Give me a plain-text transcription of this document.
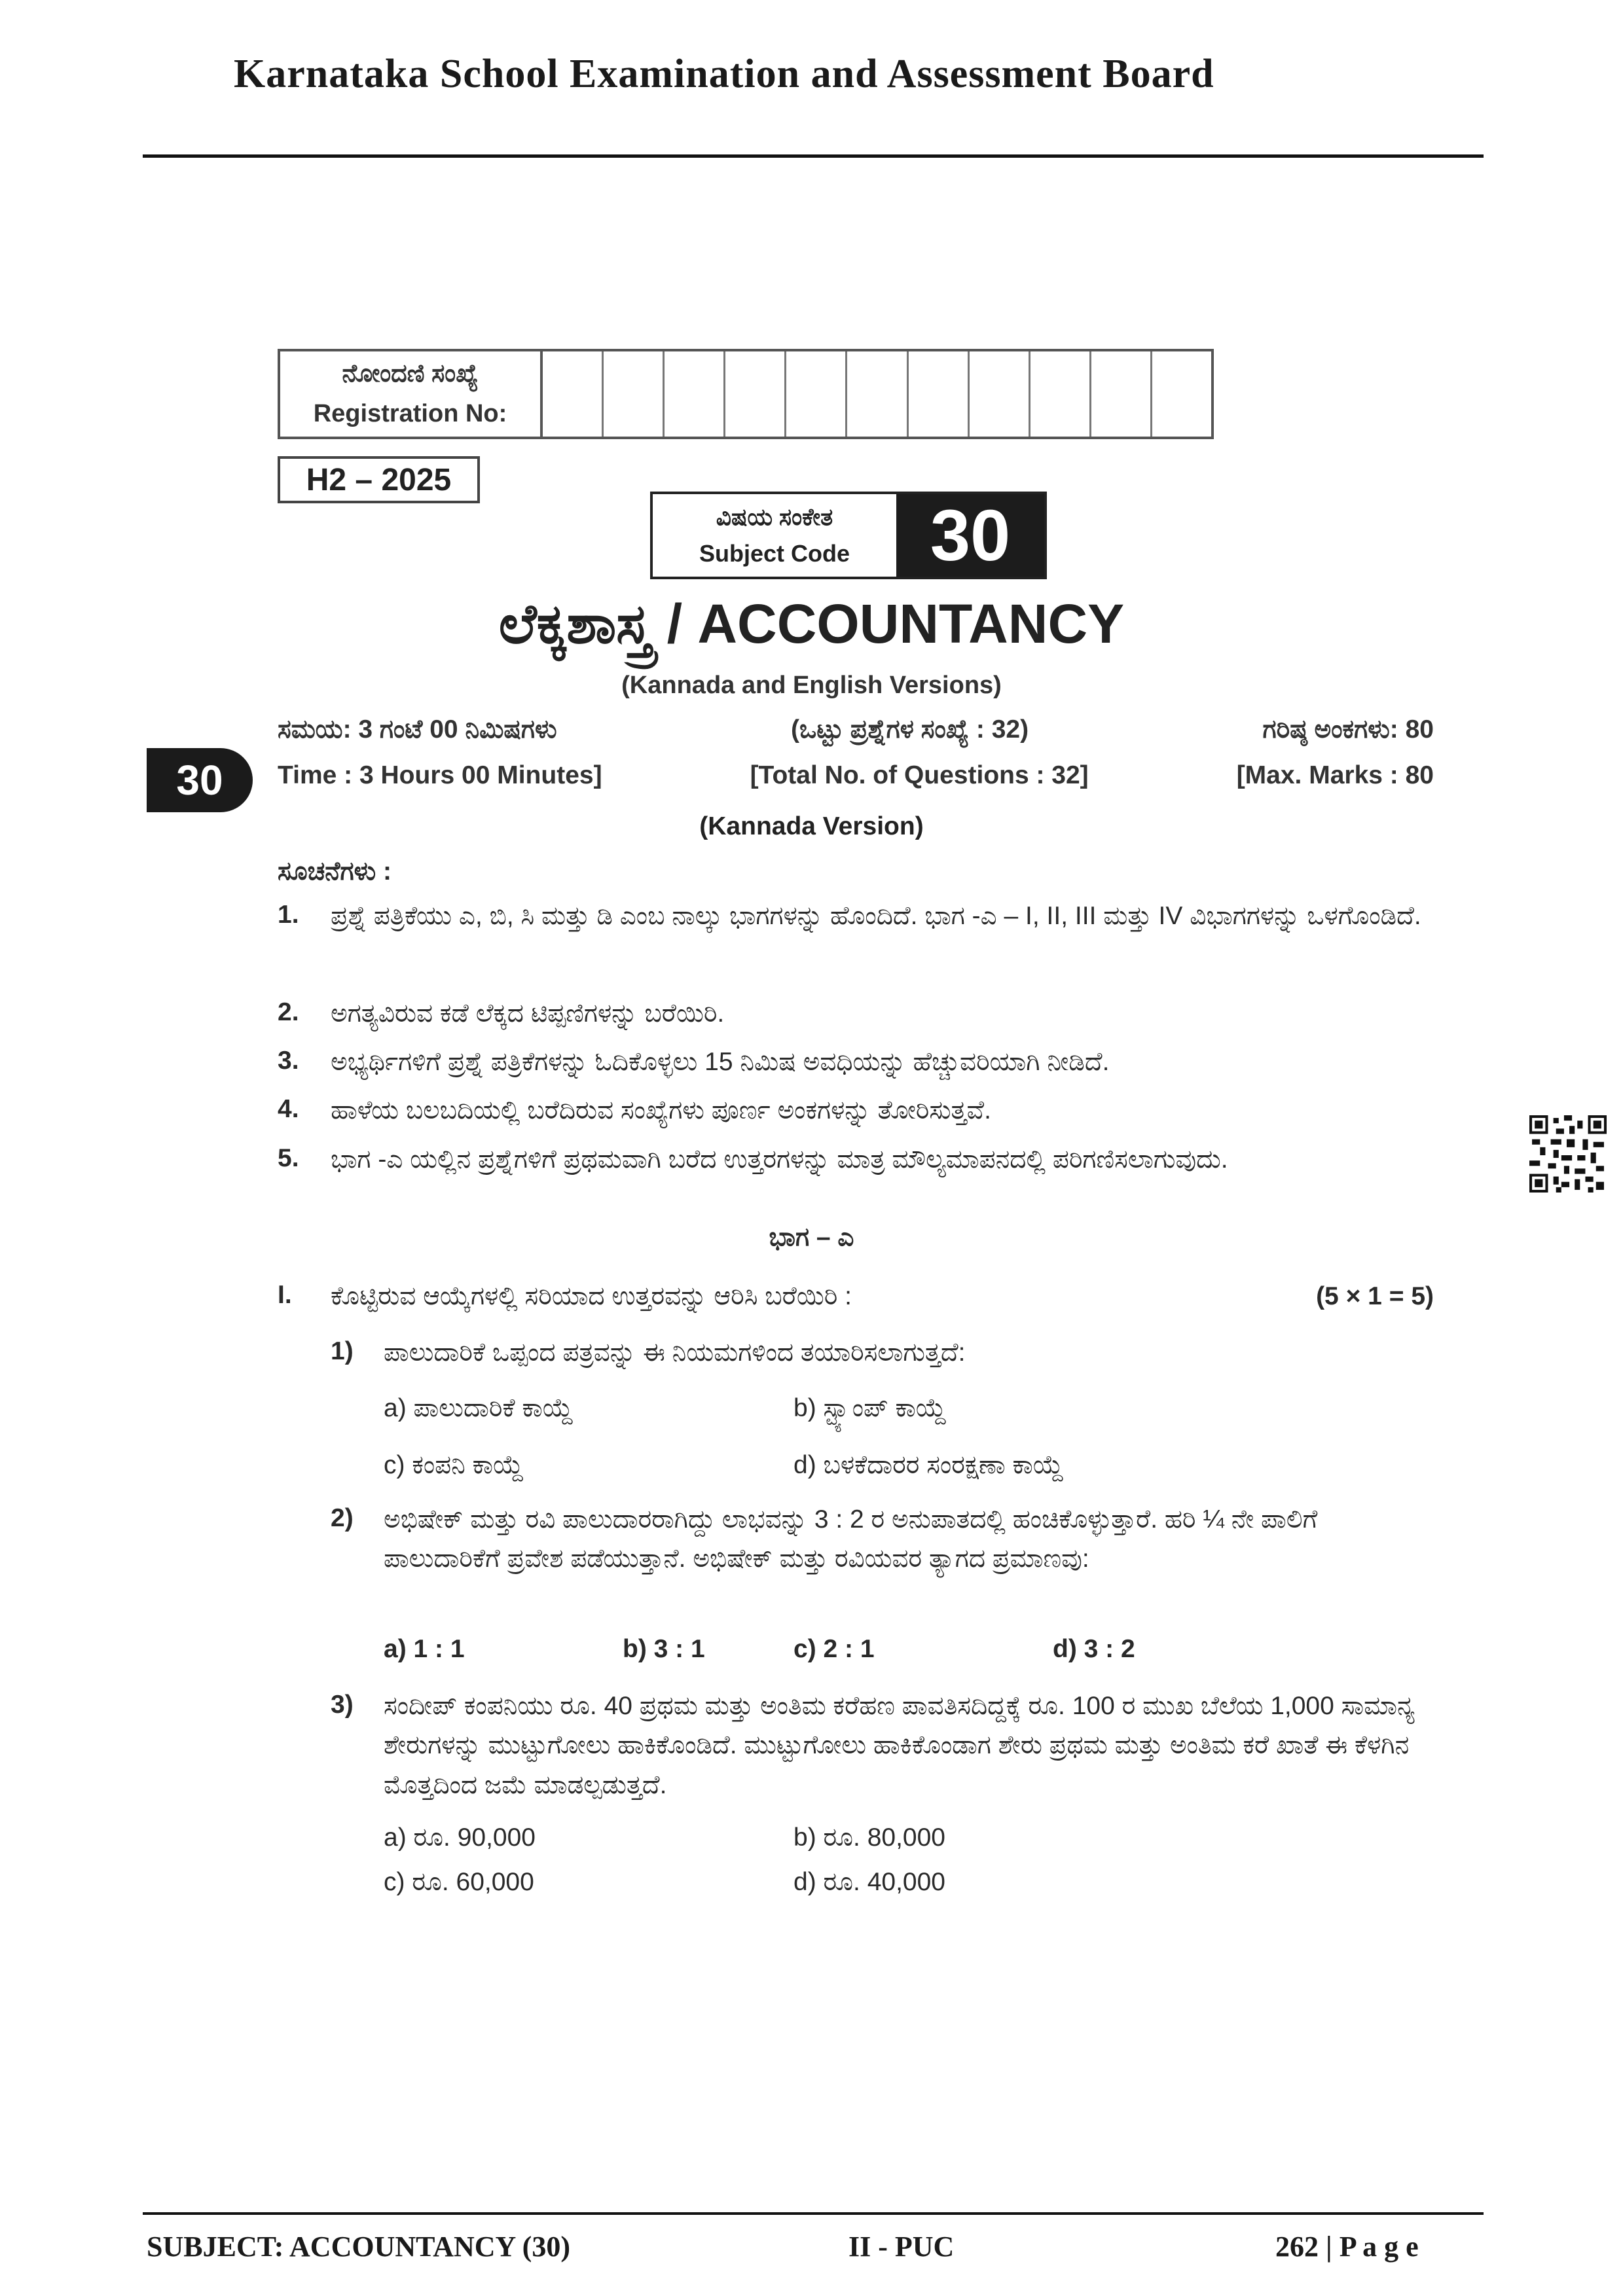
Karnataka School Examination and Assessment Board
ನೋಂದಣಿ ಸಂಖ್ಯೆ
Registration No:
H2 – 2025
ವಿಷಯ ಸಂಕೇತ
Subject Code	30
ಲೆಕ್ಕಶಾಸ್ತ್ರ / ACCOUNTANCY
(Kannada and English Versions)
ಸಮಯ: 3 ಗಂಟೆ 00 ನಿಮಿಷಗಳು	(ಒಟ್ಟು ಪ್ರಶ್ನೆಗಳ ಸಂಖ್ಯೆ : 32)	ಗರಿಷ್ಠ ಅಂಕಗಳು: 80
Time : 3 Hours 00 Minutes]	[Total No. of Questions : 32]	[Max. Marks : 80
30
(Kannada Version)
ಸೂಚನೆಗಳು :
1. ಪ್ರಶ್ನೆ ಪತ್ರಿಕೆಯು ಎ, ಬಿ, ಸಿ ಮತ್ತು ಡಿ ಎಂಬ ನಾಲ್ಕು ಭಾಗಗಳನ್ನು ಹೊಂದಿದೆ. ಭಾಗ -ಎ – I, II, III ಮತ್ತು IV ವಿಭಾಗಗಳನ್ನು ಒಳಗೊಂಡಿದೆ.
2. ಅಗತ್ಯವಿರುವ ಕಡೆ ಲೆಕ್ಕದ ಟಿಪ್ಪಣಿಗಳನ್ನು ಬರೆಯಿರಿ.
3. ಅಭ್ಯರ್ಥಿಗಳಿಗೆ ಪ್ರಶ್ನೆ ಪತ್ರಿಕೆಗಳನ್ನು ಓದಿಕೊಳ್ಳಲು 15 ನಿಮಿಷ ಅವಧಿಯನ್ನು ಹೆಚ್ಚುವರಿಯಾಗಿ ನೀಡಿದೆ.
4. ಹಾಳೆಯ ಬಲಬದಿಯಲ್ಲಿ ಬರೆದಿರುವ ಸಂಖ್ಯೆಗಳು ಪೂರ್ಣ ಅಂಕಗಳನ್ನು ತೋರಿಸುತ್ತವೆ.
5. ಭಾಗ -ಎ ಯಲ್ಲಿನ ಪ್ರಶ್ನೆಗಳಿಗೆ ಪ್ರಥಮವಾಗಿ ಬರೆದ ಉತ್ತರಗಳನ್ನು ಮಾತ್ರ ಮೌಲ್ಯಮಾಪನದಲ್ಲಿ ಪರಿಗಣಿಸಲಾಗುವುದು.
ಭಾಗ – ಎ
I. ಕೊಟ್ಟಿರುವ ಆಯ್ಕೆಗಳಲ್ಲಿ ಸರಿಯಾದ ಉತ್ತರವನ್ನು ಆರಿಸಿ ಬರೆಯಿರಿ :	(5 × 1 = 5)
1) ಪಾಲುದಾರಿಕೆ ಒಪ್ಪಂದ ಪತ್ರವನ್ನು ಈ ನಿಯಮಗಳಿಂದ ತಯಾರಿಸಲಾಗುತ್ತದೆ:
a) ಪಾಲುದಾರಿಕೆ ಕಾಯ್ದೆ	b) ಸ್ಟ್ಯಾಂಪ್ ಕಾಯ್ದೆ
c) ಕಂಪನಿ ಕಾಯ್ದೆ	d) ಬಳಕೆದಾರರ ಸಂರಕ್ಷಣಾ ಕಾಯ್ದೆ
2) ಅಭಿಷೇಕ್ ಮತ್ತು ರವಿ ಪಾಲುದಾರರಾಗಿದ್ದು ಲಾಭವನ್ನು 3 : 2 ರ ಅನುಪಾತದಲ್ಲಿ ಹಂಚಿಕೊಳ್ಳುತ್ತಾರೆ. ಹರಿ ¼ ನೇ ಪಾಲಿಗೆ ಪಾಲುದಾರಿಕೆಗೆ ಪ್ರವೇಶ ಪಡೆಯುತ್ತಾನೆ. ಅಭಿಷೇಕ್ ಮತ್ತು ರವಿಯವರ ತ್ಯಾಗದ ಪ್ರಮಾಣವು:
a) 1 : 1	b) 3 : 1	c) 2 : 1	d) 3 : 2
3) ಸಂದೀಪ್ ಕಂಪನಿಯು ರೂ. 40 ಪ್ರಥಮ ಮತ್ತು ಅಂತಿಮ ಕರೆಹಣ ಪಾವತಿಸದಿದ್ದಕ್ಕೆ ರೂ. 100 ರ ಮುಖ ಬೆಲೆಯ 1,000 ಸಾಮಾನ್ಯ ಶೇರುಗಳನ್ನು ಮುಟ್ಟುಗೋಲು ಹಾಕಿಕೊಂಡಿದೆ. ಮುಟ್ಟುಗೋಲು ಹಾಕಿಕೊಂಡಾಗ ಶೇರು ಪ್ರಥಮ ಮತ್ತು ಅಂತಿಮ ಕರೆ ಖಾತೆ ಈ ಕೆಳಗಿನ ಮೊತ್ತದಿಂದ ಜಮೆ ಮಾಡಲ್ಪಡುತ್ತದೆ.
a) ರೂ. 90,000	b) ರೂ. 80,000
c) ರೂ. 60,000	d) ರೂ. 40,000
SUBJECT: ACCOUNTANCY (30)	II - PUC	262 | P a g e
